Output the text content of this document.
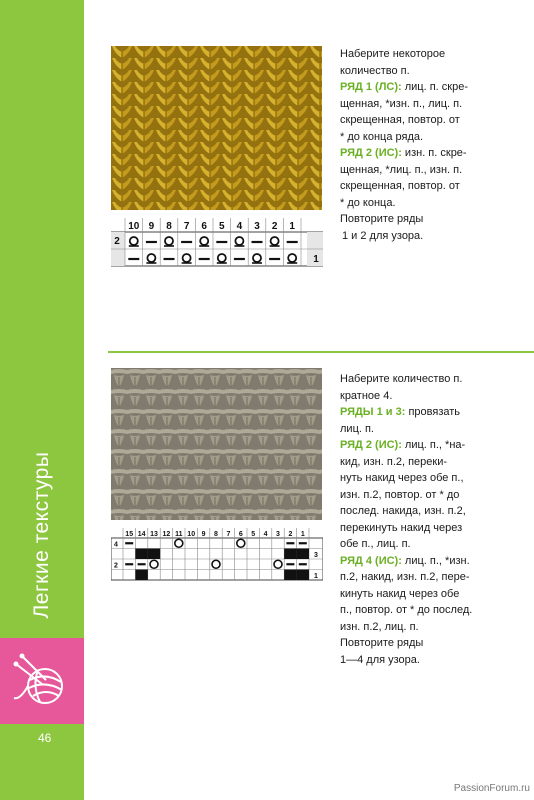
Легкие текстуры
46
10 9 8 7 6 5 4 3 2 1
2
1

Наберите некоторое

количество п.

РЯД 1 (ЛС): лиц. п. скре-

щенная, *изн. п., лиц. п.

скрещенная, повтор. от

* до конца ряда.

РЯД 2 (ИС): изн. п. скре-

щенная, *лиц. п., изн. п.

скрещенная, повтор. от

* до конца.

Повторите ряды

1 и 2 для узора.

15 14 13 12 11 10 9 8 7 6 5 4 3 2 1
4
2
3
1

Наберите количество п.

кратное 4.

РЯДЫ 1 и 3: провязать

лиц. п.

РЯД 2 (ИС): лиц. п., *на-

кид, изн. п.2, переки-

нуть накид через обе п.,

изн. п.2, повтор. от * до

послед. накида, изн. п.2,

перекинуть накид через

обе п., лиц. п.

РЯД 4 (ИС): лиц. п., *изн.

п.2, накид, изн. п.2, пере-

кинуть накид через обе

п., повтор. от * до послед.

изн. п.2, лиц. п.

Повторите ряды

1—4 для узора.

PassionForum.ru
